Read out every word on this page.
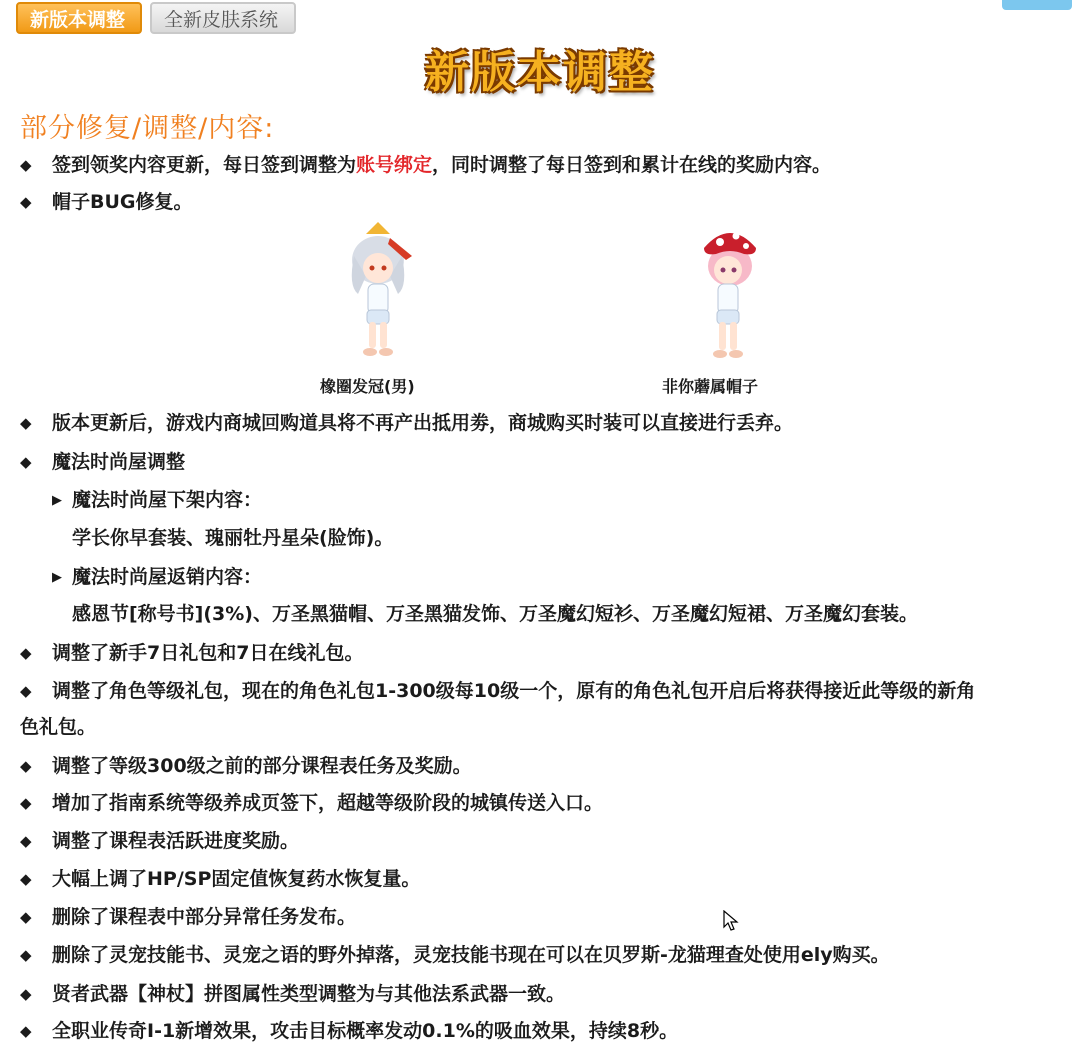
新版本调整	全新皮肤系统
新版本调整
部分修复/调整/内容:
◆ 签到领奖内容更新，每日签到调整为账号绑定，同时调整了每日签到和累计在线的奖励内容。
◆ 帽子BUG修复。
橡圈发冠(男)	非你蘑属帽子
◆ 版本更新后，游戏内商城回购道具将不再产出抵用劵，商城购买时装可以直接进行丢弃。
◆ 魔法时尚屋调整
▶ 魔法时尚屋下架内容：
学长你早套装、瑰丽牡丹星朵(脸饰)。
▶ 魔法时尚屋返销内容：
感恩节[称号书](3%)、万圣黑猫帽、万圣黑猫发饰、万圣魔幻短衫、万圣魔幻短裙、万圣魔幻套装。
◆ 调整了新手7日礼包和7日在线礼包。
◆ 调整了角色等级礼包，现在的角色礼包1-300级每10级一个，原有的角色礼包开启后将获得接近此等级的新角
色礼包。
◆ 调整了等级300级之前的部分课程表任务及奖励。
◆ 增加了指南系统等级养成页签下，超越等级阶段的城镇传送入口。
◆ 调整了课程表活跃进度奖励。
◆ 大幅上调了HP/SP固定值恢复药水恢复量。
◆ 删除了课程表中部分异常任务发布。
◆ 删除了灵宠技能书、灵宠之语的野外掉落，灵宠技能书现在可以在贝罗斯-龙猫理查处使用ely购买。
◆ 贤者武器【神杖】拼图属性类型调整为与其他法系武器一致。
◆ 全职业传奇I-1新增效果，攻击目标概率发动0.1%的吸血效果，持续8秒。
